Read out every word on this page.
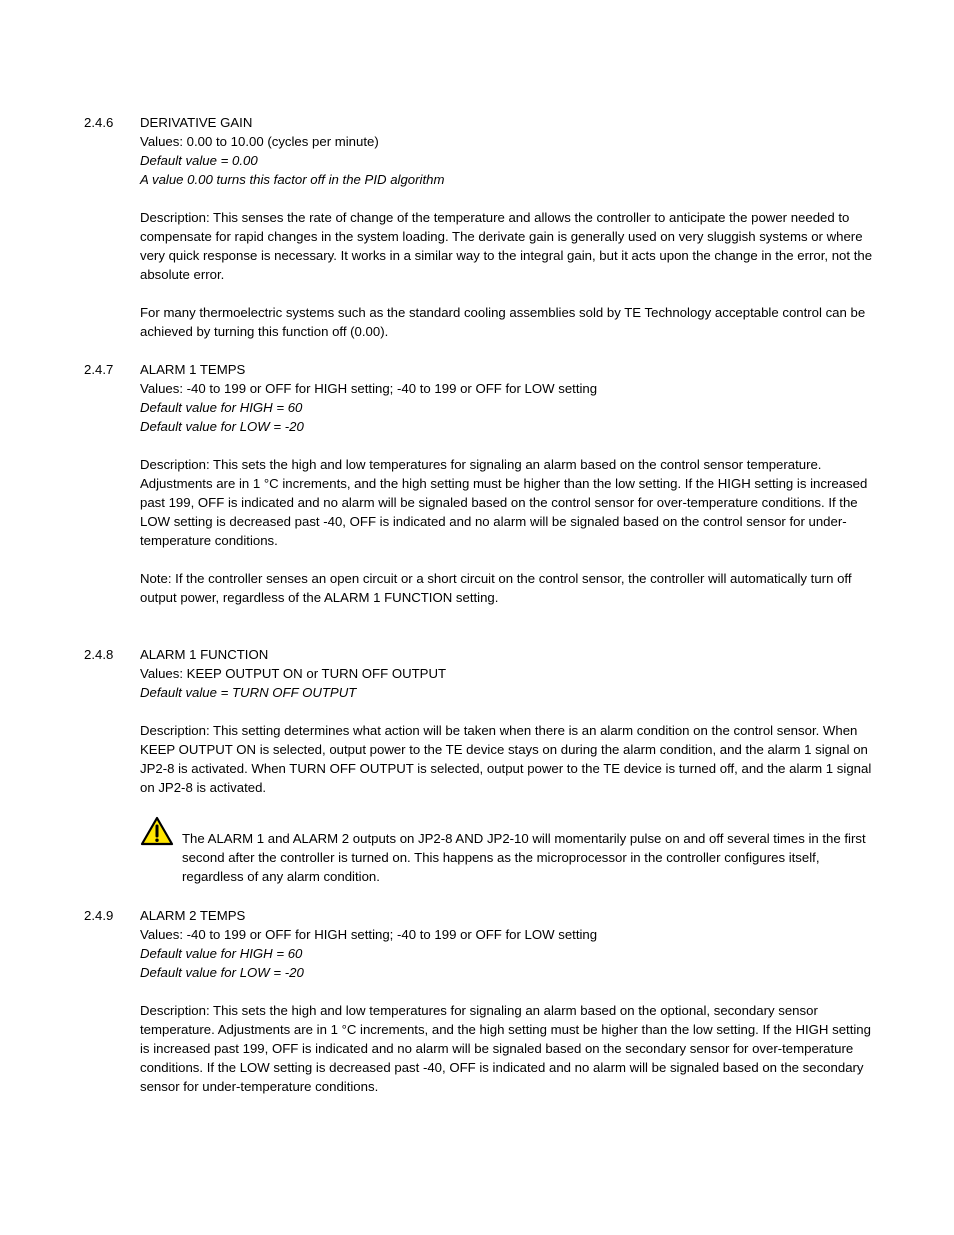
2.4.6	DERIVATIVE GAIN
Values: 0.00 to 10.00 (cycles per minute)
Default value = 0.00
A value 0.00 turns this factor off in the PID algorithm

Description: This senses the rate of change of the temperature and allows the controller to anticipate the power needed to compensate for rapid changes in the system loading. The derivate gain is generally used on very sluggish systems or where very quick response is necessary. It works in a similar way to the integral gain, but it acts upon the change in the error, not the absolute error.

For many thermoelectric systems such as the standard cooling assemblies sold by TE Technology acceptable control can be achieved by turning this function off (0.00).

2.4.7	ALARM 1 TEMPS
Values: -40 to 199 or OFF for HIGH setting; -40 to 199 or OFF for LOW setting
Default value for HIGH = 60
Default value for LOW = -20

Description: This sets the high and low temperatures for signaling an alarm based on the control sensor temperature. Adjustments are in 1 °C increments, and the high setting must be higher than the low setting. If the HIGH setting is increased past 199, OFF is indicated and no alarm will be signaled based on the control sensor for over-temperature conditions. If the LOW setting is decreased past -40, OFF is indicated and no alarm will be signaled based on the control sensor for under-temperature conditions.

Note: If the controller senses an open circuit or a short circuit on the control sensor, the controller will automatically turn off output power, regardless of the ALARM 1 FUNCTION setting.

2.4.8	ALARM 1 FUNCTION
Values: KEEP OUTPUT ON or TURN OFF OUTPUT
Default value = TURN OFF OUTPUT

Description: This setting determines what action will be taken when there is an alarm condition on the control sensor. When KEEP OUTPUT ON is selected, output power to the TE device stays on during the alarm condition, and the alarm 1 signal on JP2-8 is activated. When TURN OFF OUTPUT is selected, output power to the TE device is turned off, and the alarm 1 signal on JP2-8 is activated.

The ALARM 1 and ALARM 2 outputs on JP2-8 AND JP2-10 will momentarily pulse on and off several times in the first second after the controller is turned on. This happens as the microprocessor in the controller configures itself, regardless of any alarm condition.

2.4.9	ALARM 2 TEMPS
Values: -40 to 199 or OFF for HIGH setting; -40 to 199 or OFF for LOW setting
Default value for HIGH = 60
Default value for LOW = -20

Description: This sets the high and low temperatures for signaling an alarm based on the optional, secondary sensor temperature. Adjustments are in 1 °C increments, and the high setting must be higher than the low setting. If the HIGH setting is increased past 199, OFF is indicated and no alarm will be signaled based on the secondary sensor for over-temperature conditions. If the LOW setting is decreased past -40, OFF is indicated and no alarm will be signaled based on the secondary sensor for under-temperature conditions.
